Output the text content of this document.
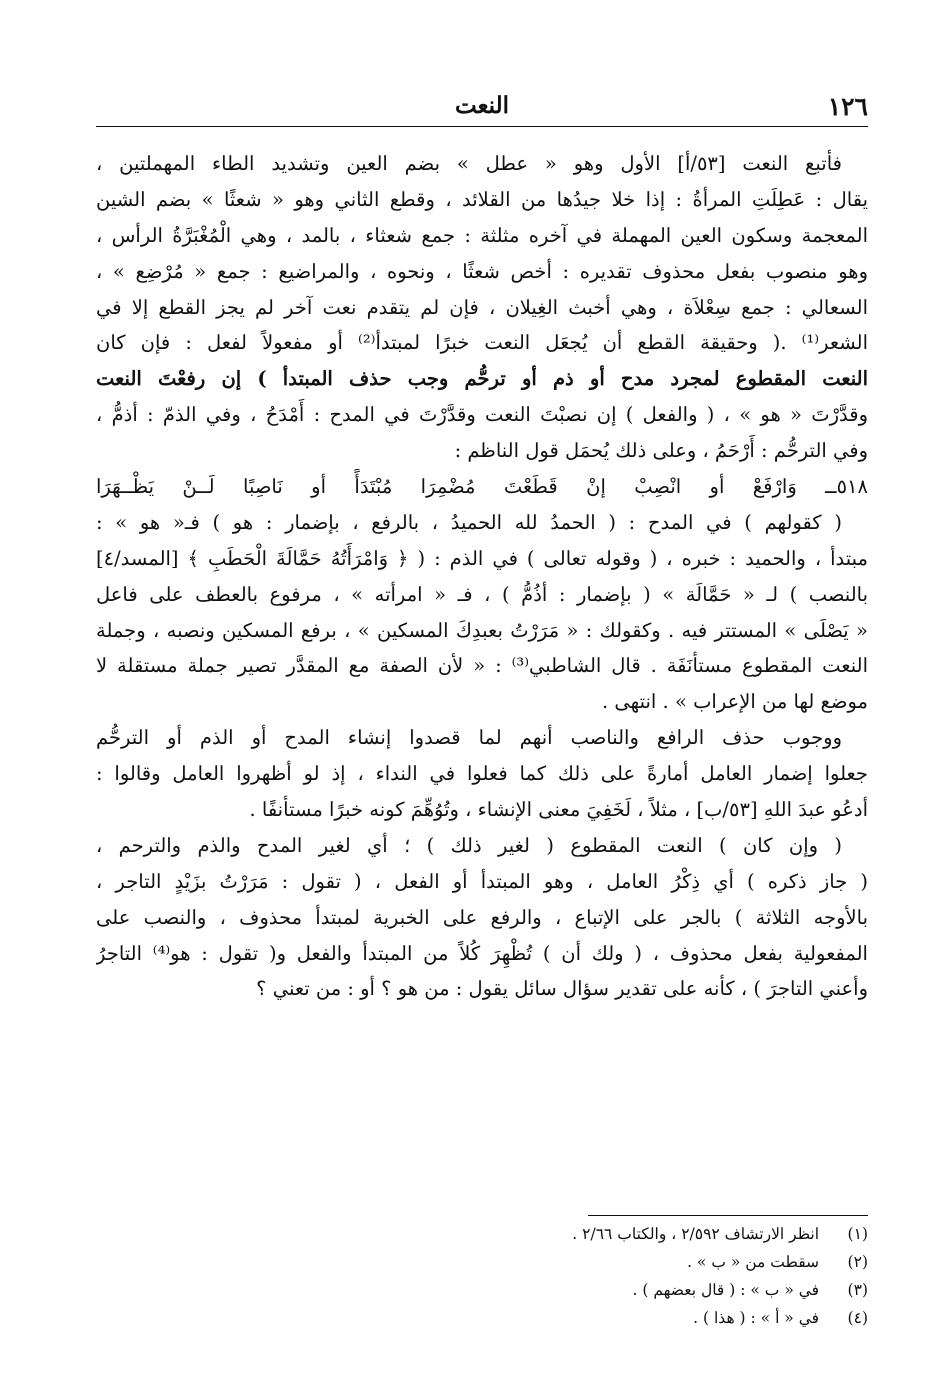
١٢٦
النعت
فأتبع النعت [٥٣/أ] الأول وهو « عطل » بضم العين وتشديد الطاء المهملتين ،
يقال : عَطِلَتِ المرأةُ : إذا خلا جيدُها من القلائد ، وقطع الثاني وهو « شعثًا » بضم الشين
المعجمة وسكون العين المهملة في آخره مثلثة : جمع شعثاء ، بالمد ، وهي الْمُغْبَرَّةُ الرأس ،
وهو منصوب بفعل محذوف تقديره : أخص شعثًا ، ونحوه ، والمراضيع : جمع « مُرْضِع » ،
السعالي : جمع سِعْلاَة ، وهي أخبث الغِيلان ، فإن لم يتقدم نعت آخر لم يجز القطع إلا في
الشعر⁽¹⁾ .( وحقيقة القطع أن يُجعَل النعت خبرًا لمبتدأ⁽²⁾ أو مفعولاً لفعل : فإن كان
النعت المقطوع لمجرد مدح أو ذم أو ترحُّم وجب حذف المبتدأ ) إن رفعْتَ النعت
وقدَّرْتَ « هو » ، ( والفعل ) إن نصبْتَ النعت وقدَّرْتَ في المدح : أَمْدَحُ ، وفي الذمّ : أذمُّ ،
وفي الترحُّم : أَرْحَمُ ، وعلى ذلك يُحمَل قول الناظم :
٥١٨ــ وَارْفَعْ أو انْصِبْ إنْ قَطَعْتَ مُضْمِرَا مُبْتَدَأً أو نَاصِبًا لَــنْ يَظْــهَرَا
( كقولهم ) في المدح : ( الحمدُ لله الحميدُ ، بالرفع ، بإضمار : هو ) فـ« هو » :
مبتدأ ، والحميد : خبره ، ( وقوله تعالى ) في الذم : ( ﴿ وَامْرَأَتُهُ حَمَّالَةَ الْحَطَبِ ﴾ [المسد/٤]
بالنصب ) لـ « حَمَّالَة » ( بإضمار : أذُمُّ ) ، فـ « امرأته » ، مرفوع بالعطف على فاعل
« يَصْلَى » المستتر فيه . وكقولك : « مَرَرْتُ بعبدِكَ المسكين » ، برفع المسكين ونصبه ، وجملة
النعت المقطوع مستأنَفَة . قال الشاطبي⁽³⁾ : « لأن الصفة مع المقدَّر تصير جملة مستقلة لا
موضع لها من الإعراب » . انتهى .
ووجوب حذف الرافع والناصب أنهم لما قصدوا إنشاء المدح أو الذم أو الترحُّم
جعلوا إضمار العامل أمارةً على ذلك كما فعلوا في النداء ، إذ لو أظهروا العامل وقالوا :
أدعُو عبدَ اللهِ [٥٣/ب] ، مثلاً ، لَخَفِيَ معنى الإنشاء ، وتُوُهِّمَ كونه خبرًا مستأنفًا .
( وإن كان ) النعت المقطوع ( لغير ذلك ) ؛ أي لغير المدح والذم والترحم ،
( جاز ذكره ) أي ذِكْرُ العامل ، وهو المبتدأ أو الفعل ، ( تقول : مَرَرْتُ بزَيْدٍ التاجر ،
بالأوجه الثلاثة ) بالجر على الإتباع ، والرفع على الخبرية لمبتدأ محذوف ، والنصب على
المفعولية بفعل محذوف ، ( ولك أن ) تُظْهِرَ كُلاً من المبتدأ والفعل و( تقول : هو⁽⁴⁾ التاجرُ
وأعني التاجرَ ) ، كأنه على تقدير سؤال سائل يقول : من هو ؟ أو : من تعني ؟
(١) انظر الارتشاف ٢/٥٩٢ ، والكتاب ٢/٦٦ .
(٢) سقطت من « ب » .
(٣) في « ب » : ( قال بعضهم ) .
(٤) في « أ » : ( هذا ) .
